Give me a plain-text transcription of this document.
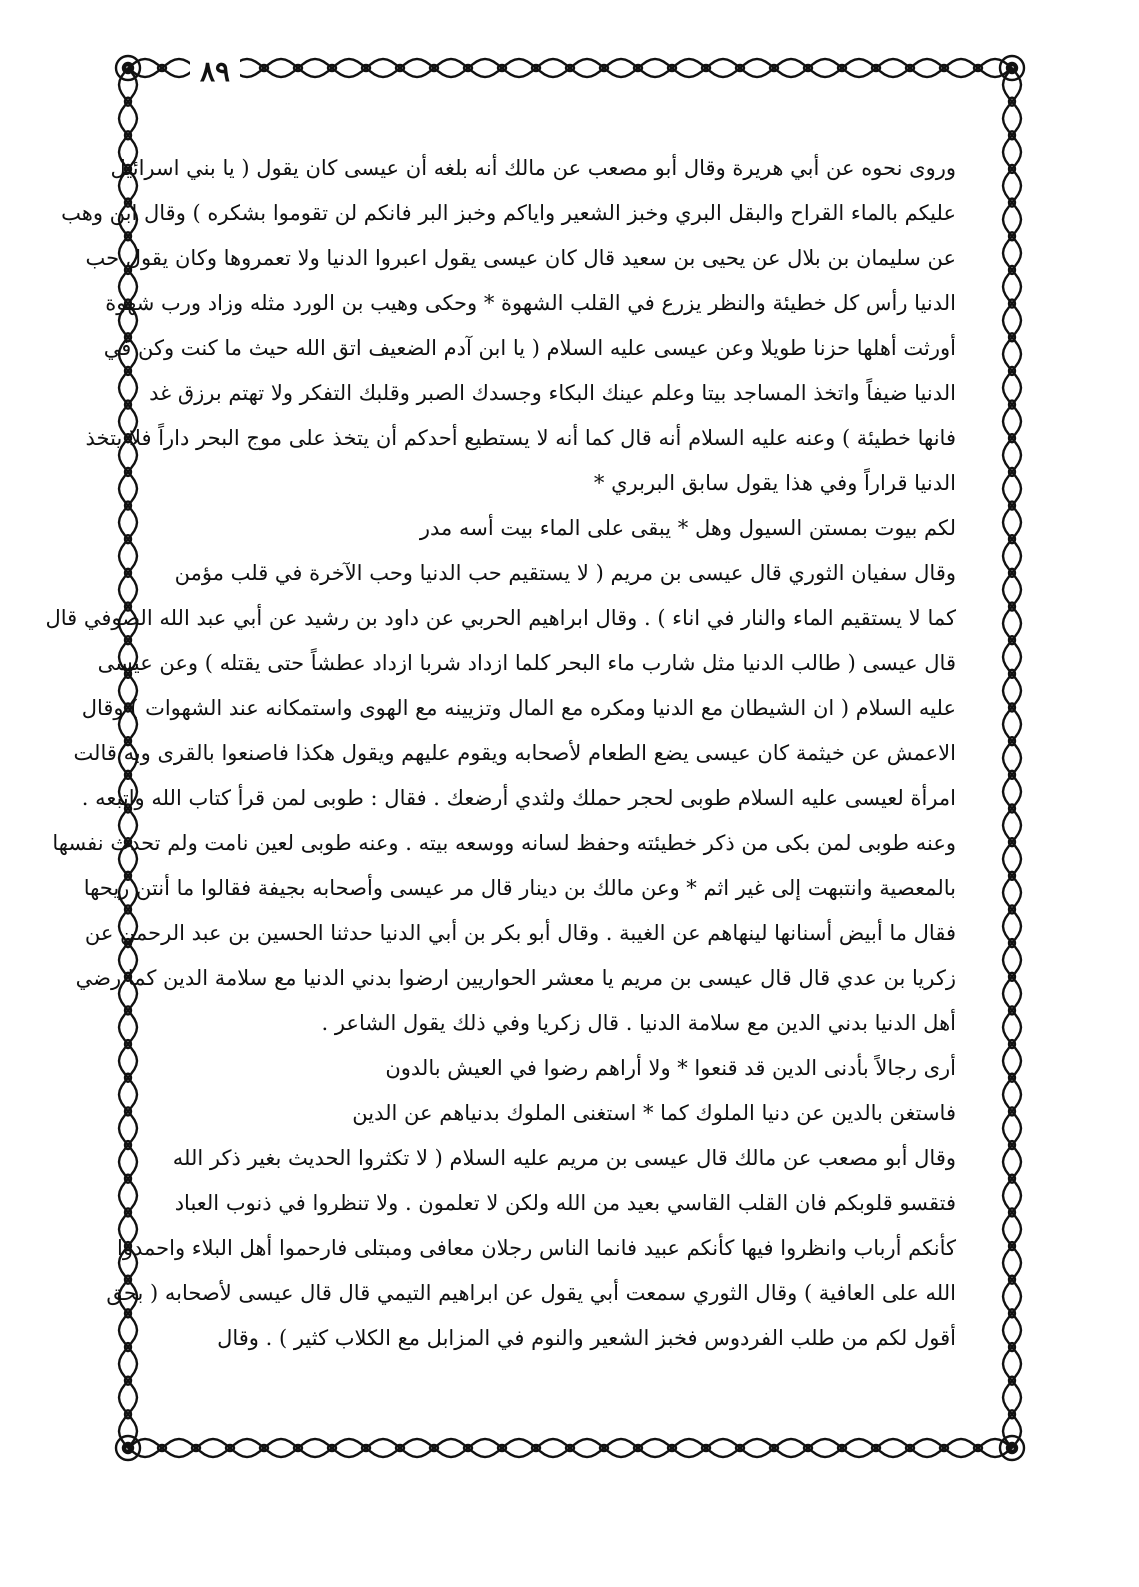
٨٩
وروى نحوه عن أبي هريرة وقال أبو مصعب عن مالك أنه بلغه أن عيسى كان يقول ( يا بني اسرائيل
عليكم بالماء القراح والبقل البري وخبز الشعير واياكم وخبز البر فانكم لن تقوموا بشكره ) وقال ابن وهب
عن سليمان بن بلال عن يحيى بن سعيد قال كان عيسى يقول اعبروا الدنيا ولا تعمروها وكان يقول حب
الدنيا رأس كل خطيئة والنظر يزرع في القلب الشهوة * وحكى وهيب بن الورد مثله وزاد ورب شهوة
أورثت أهلها حزنا طويلا وعن عيسى عليه السلام ( يا ابن آدم الضعيف اتق الله حيث ما كنت وكن في
الدنيا ضيفاً واتخذ المساجد بيتا وعلم عينك البكاء وجسدك الصبر وقلبك التفكر ولا تهتم برزق غد
فانها خطيئة ) وعنه عليه السلام أنه قال كما أنه لا يستطيع أحدكم أن يتخذ على موج البحر داراً فلا يتخذ
الدنيا قراراً وفي هذا يقول سابق البربري *
لكم بيوت بمستن السيول وهل * يبقى على الماء بيت أسه مدر
وقال سفيان الثوري قال عيسى بن مريم ( لا يستقيم حب الدنيا وحب الآخرة في قلب مؤمن
كما لا يستقيم الماء والنار في اناء ) . وقال ابراهيم الحربي عن داود بن رشيد عن أبي عبد الله الصوفي قال
قال عيسى ( طالب الدنيا مثل شارب ماء البحر كلما ازداد شربا ازداد عطشاً حتى يقتله ) وعن عيسى
عليه السلام ( ان الشيطان مع الدنيا ومكره مع المال وتزيينه مع الهوى واستمكانه عند الشهوات ) وقال
الاعمش عن خيثمة كان عيسى يضع الطعام لأصحابه ويقوم عليهم ويقول هكذا فاصنعوا بالقرى وبه قالت
امرأة لعيسى عليه السلام طوبى لحجر حملك ولثدي أرضعك . فقال : طوبى لمن قرأ كتاب الله واتبعه .
وعنه طوبى لمن بكى من ذكر خطيئته وحفظ لسانه ووسعه بيته . وعنه طوبى لعين نامت ولم تحدث نفسها
بالمعصية وانتبهت إلى غير اثم * وعن مالك بن دينار قال مر عيسى وأصحابه بجيفة فقالوا ما أنتن ريحها
فقال ما أبيض أسنانها لينهاهم عن الغيبة . وقال أبو بكر بن أبي الدنيا حدثنا الحسين بن عبد الرحمن عن
زكريا بن عدي قال قال عيسى بن مريم يا معشر الحواريين ارضوا بدني الدنيا مع سلامة الدين كما رضي
أهل الدنيا بدني الدين مع سلامة الدنيا . قال زكريا وفي ذلك يقول الشاعر .
أرى رجالاً بأدنى الدين قد قنعوا * ولا أراهم رضوا في العيش بالدون
فاستغن بالدين عن دنيا الملوك كما * استغنى الملوك بدنياهم عن الدين
وقال أبو مصعب عن مالك قال عيسى بن مريم عليه السلام ( لا تكثروا الحديث بغير ذكر الله
فتقسو قلوبكم فان القلب القاسي بعيد من الله ولكن لا تعلمون . ولا تنظروا في ذنوب العباد
كأنكم أرباب وانظروا فيها كأنكم عبيد فانما الناس رجلان معافى ومبتلى فارحموا أهل البلاء واحمدوا
الله على العافية ) وقال الثوري سمعت أبي يقول عن ابراهيم التيمي قال قال عيسى لأصحابه ( بحق
أقول لكم من طلب الفردوس فخبز الشعير والنوم في المزابل مع الكلاب كثير ) . وقال
